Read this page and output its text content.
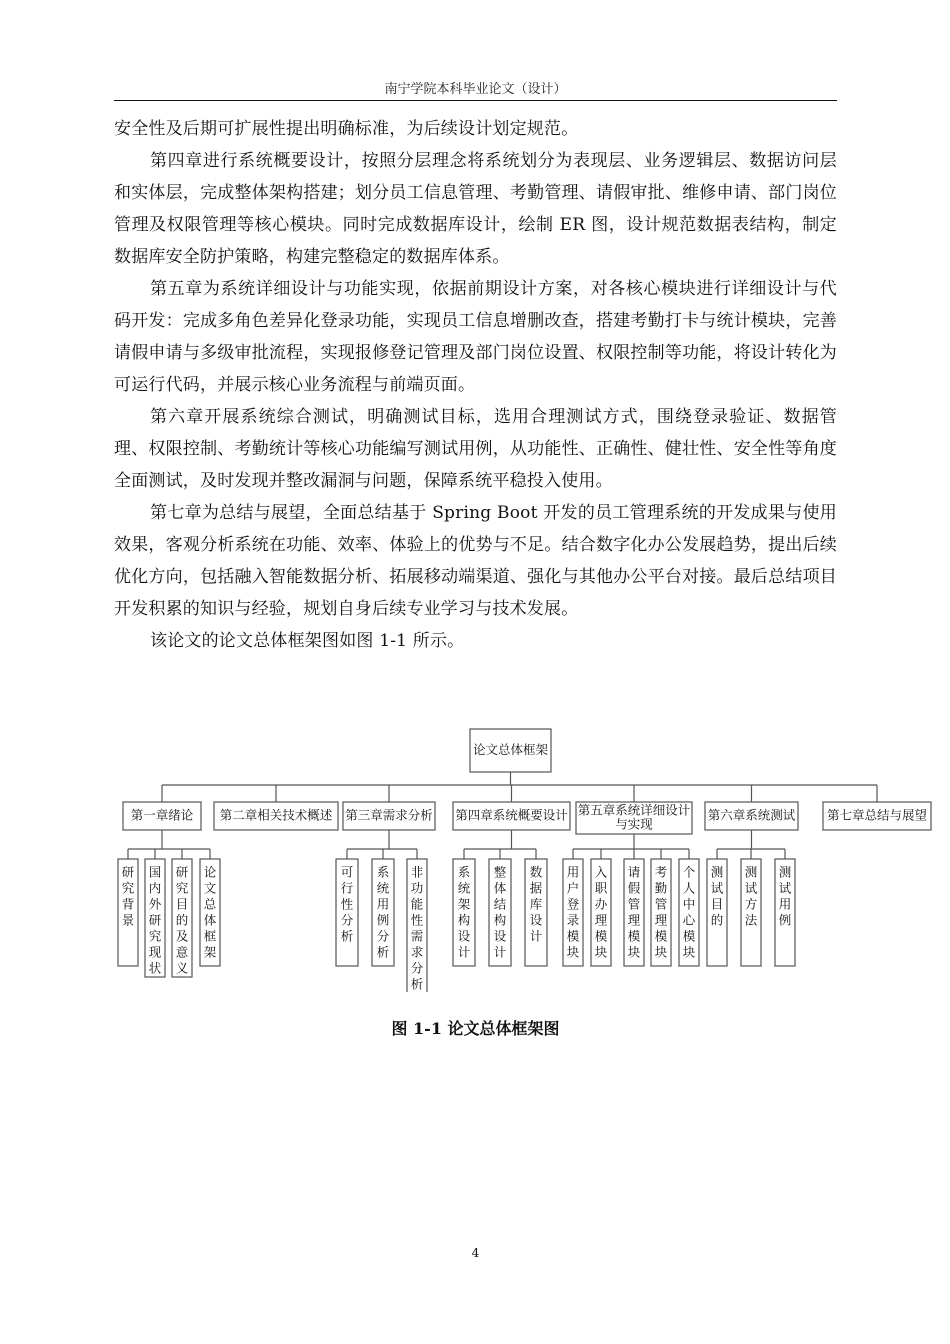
南宁学院本科毕业论文（设计）

安全性及后期可扩展性提出明确标准，为后续设计划定规范。

第四章进行系统概要设计，按照分层理念将系统划分为表现层、业务逻辑层、数据访问层和实体层，完成整体架构搭建；划分员工信息管理、考勤管理、请假审批、维修申请、部门岗位管理及权限管理等核心模块。同时完成数据库设计，绘制 ER 图，设计规范数据表结构，制定数据库安全防护策略，构建完整稳定的数据库体系。

第五章为系统详细设计与功能实现，依据前期设计方案，对各核心模块进行详细设计与代码开发：完成多角色差异化登录功能，实现员工信息增删改查，搭建考勤打卡与统计模块，完善请假申请与多级审批流程，实现报修登记管理及部门岗位设置、权限控制等功能，将设计转化为可运行代码，并展示核心业务流程与前端页面。

第六章开展系统综合测试，明确测试目标，选用合理测试方式，围绕登录验证、数据管理、权限控制、考勤统计等核心功能编写测试用例，从功能性、正确性、健壮性、安全性等角度全面测试，及时发现并整改漏洞与问题，保障系统平稳投入使用。

第七章为总结与展望，全面总结基于 Spring Boot 开发的员工管理系统的开发成果与使用效果，客观分析系统在功能、效率、体验上的优势与不足。结合数字化办公发展趋势，提出后续优化方向，包括融入智能数据分析、拓展移动端渠道、强化与其他办公平台对接。最后总结项目开发积累的知识与经验，规划自身后续专业学习与技术发展。

该论文的论文总体框架图如图 1-1 所示。

论文总体框架
第一章绪论
研
究
背
景
国
内
外
研
究
现
状
研
究
目
的
及
意
义
论
文
总
体
框
架
第二章相关技术概述 第三章需求分析
可
行
性
分
析
系
统
用
例
分
析
非
功
能
性
需
求
分
析
第四章系统概要设计
系
统
架
构
设
计
整
体
结
构
设
计
数
据
库
设
计
第五章系统详细设计
与实现
用
户
登
录
模
块
入
职
办
理
模
块
请
假
管
理
模
块
考
勤
管
理
模
块
个
人
中
心
模
块
第六章系统测试
测
试
目
的
测
试
方
法
测
试
用
例
第七章总结与展望
图 1-1 论文总体框架图
4
